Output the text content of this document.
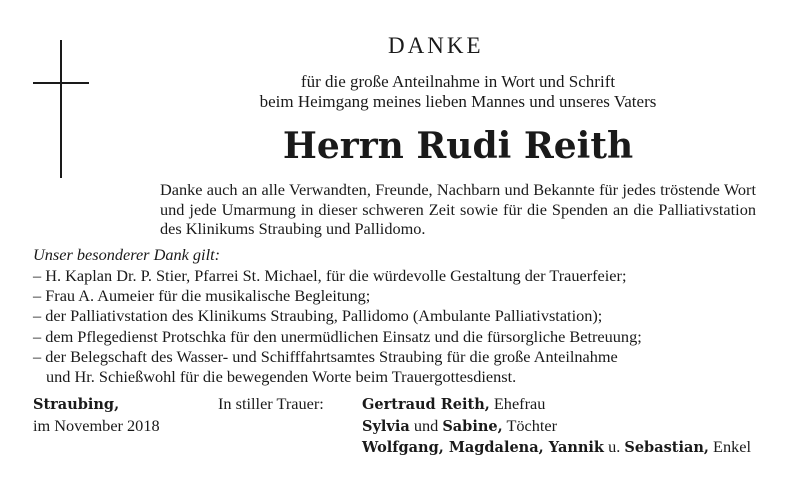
DANKE
für die große Anteilnahme in Wort und Schrift
beim Heimgang meines lieben Mannes und unseres Vaters
Herrn Rudi Reith
Danke auch an alle Verwandten, Freunde, Nachbarn und Bekannte für jedes tröstende Wort und jede Umarmung in dieser schweren Zeit sowie für die Spenden an die Palliativstation des Klinikums Straubing und Pallidomo.
Unser besonderer Dank gilt:
– H. Kaplan Dr. P. Stier, Pfarrei St. Michael, für die würdevolle Gestaltung der Trauerfeier;
– Frau A. Aumeier für die musikalische Begleitung;
– der Palliativstation des Klinikums Straubing, Pallidomo (Ambulante Palliativstation);
– dem Pflegedienst Protschka für den unermüdlichen Einsatz und die fürsorgliche Betreuung;
– der Belegschaft des Wasser- und Schifffahrtsamtes Straubing für die große Anteilnahme
und Hr. Schießwohl für die bewegenden Worte beim Trauergottesdienst.
Straubing,
im November 2018
In stiller Trauer:	Gertraud Reith, Ehefrau
Sylvia und Sabine, Töchter
Wolfgang, Magdalena, Yannik u. Sebastian, Enkel
